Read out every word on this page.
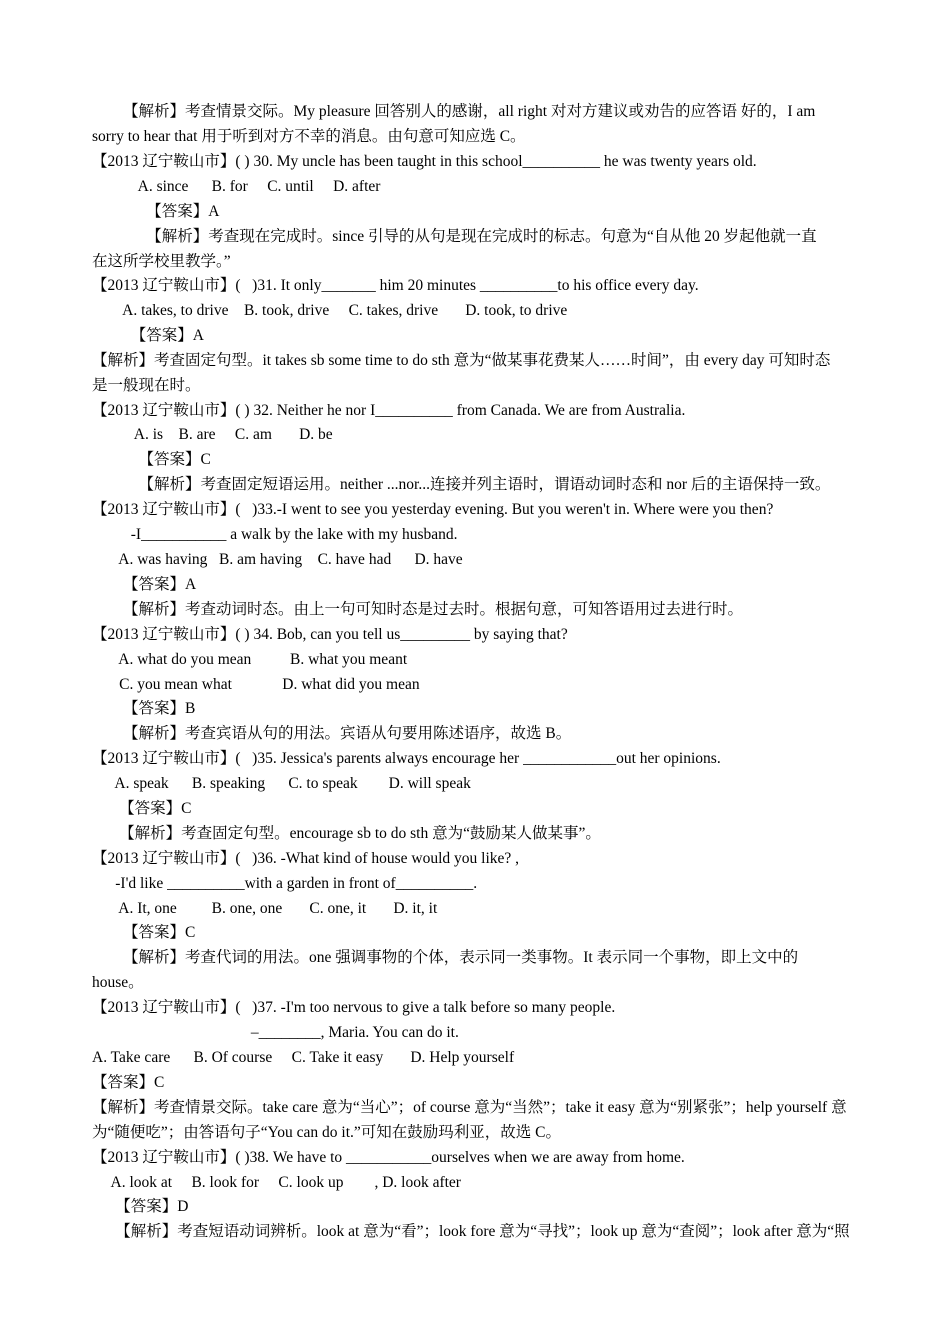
【解析】考查情景交际。My pleasure 回答别人的感谢，all right 对对方建议或劝告的应答语 好的，I am
sorry to hear that 用于听到对方不幸的消息。由句意可知应选 C。
【2013 辽宁鞍山市】( ) 30. My uncle has been taught in this school__________ he was twenty years old.
A. since      B. for     C. until     D. after
【答案】A
【解析】考查现在完成时。since 引导的从句是现在完成时的标志。句意为“自从他 20 岁起他就一直
在这所学校里教学。”
【2013 辽宁鞍山市】(   )31. It only_______ him 20 minutes __________to his office every day.
A. takes, to drive    B. took, drive     C. takes, drive       D. took, to drive
【答案】A
【解析】考查固定句型。it takes sb some time to do sth 意为“做某事花费某人……时间”，由 every day 可知时态
是一般现在时。
【2013 辽宁鞍山市】( ) 32. Neither he nor I__________ from Canada. We are from Australia.
A. is    B. are     C. am       D. be
【答案】C
【解析】考查固定短语运用。neither ...nor...连接并列主语时，谓语动词时态和 nor 后的主语保持一致。
【2013 辽宁鞍山市】(   )33.-I went to see you yesterday evening. But you weren't in. Where were you then?
-I___________ a walk by the lake with my husband.
A. was having   B. am having    C. have had      D. have
【答案】A
【解析】考查动词时态。由上一句可知时态是过去时。根据句意，可知答语用过去进行时。
【2013 辽宁鞍山市】( ) 34. Bob, can you tell us_________ by saying that?
A. what do you mean          B. what you meant
C. you mean what             D. what did you mean
【答案】B
【解析】考查宾语从句的用法。宾语从句要用陈述语序，故选 B。
【2013 辽宁鞍山市】(   )35. Jessica's parents always encourage her ____________out her opinions.
A. speak      B. speaking      C. to speak        D. will speak
【答案】C
【解析】考查固定句型。encourage sb to do sth 意为“鼓励某人做某事”。
【2013 辽宁鞍山市】(   )36. -What kind of house would you like? ,
-I'd like __________with a garden in front of__________.
A. It, one         B. one, one       C. one, it       D. it, it
【答案】C
【解析】考查代词的用法。one 强调事物的个体，表示同一类事物。It 表示同一个事物，即上文中的
house。
【2013 辽宁鞍山市】(   )37. -I'm too nervous to give a talk before so many people.
–________, Maria. You can do it.
A. Take care      B. Of course     C. Take it easy       D. Help yourself
【答案】C
【解析】考查情景交际。take care 意为“当心”；of course 意为“当然”；take it easy 意为“别紧张”；help yourself 意
为“随便吃”；由答语句子“You can do it.”可知在鼓励玛利亚，故选 C。
【2013 辽宁鞍山市】( )38. We have to ___________ourselves when we are away from home.
A. look at     B. look for     C. look up        , D. look after
【答案】D
【解析】考查短语动词辨析。look at 意为“看”；look fore 意为“寻找”；look up 意为“查阅”；look after 意为“照
